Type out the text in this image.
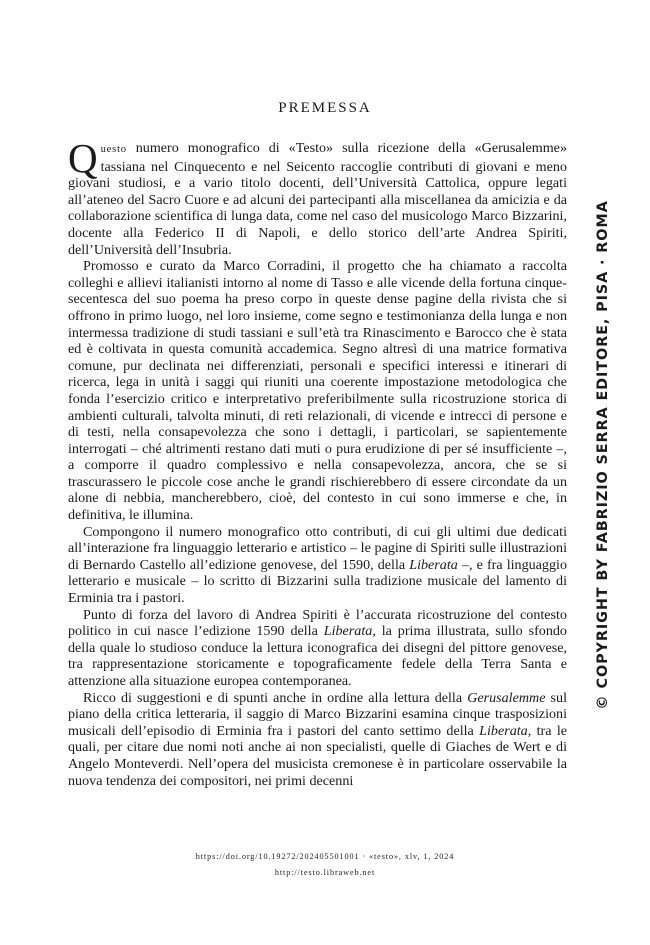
PREMESSA

Questo numero monografico di «Testo» sulla ricezione della «Gerusalemme» tassiana nel Cinquecento e nel Seicento raccoglie contributi di giovani e meno giovani studiosi, e a vario titolo docenti, dell’Università Cattolica, oppure legati all’ateneo del Sacro Cuore e ad alcuni dei partecipanti alla miscellanea da amicizia e da collaborazione scientifica di lunga data, come nel caso del musicologo Marco Bizzarini, docente alla Federico II di Napoli, e dello storico dell’arte Andrea Spiriti, dell’Università dell’Insubria.

Promosso e curato da Marco Corradini, il progetto che ha chiamato a raccolta colleghi e allievi italianisti intorno al nome di Tasso e alle vicende della fortuna cinque-secentesca del suo poema ha preso corpo in queste dense pagine della rivista che si offrono in primo luogo, nel loro insieme, come segno e testimonianza della lunga e non intermessa tradizione di studi tassiani e sull’età tra Rinascimento e Barocco che è stata ed è coltivata in questa comunità accademica. Segno altresì di una matrice formativa comune, pur declinata nei differenziati, personali e specifici interessi e itinerari di ricerca, lega in unità i saggi qui riuniti una coerente impostazione metodologica che fonda l’esercizio critico e interpretativo preferibilmente sulla ricostruzione storica di ambienti culturali, talvolta minuti, di reti relazionali, di vicende e intrecci di persone e di testi, nella consapevolezza che sono i dettagli, i particolari, se sapientemente interrogati – ché altrimenti restano dati muti o pura erudizione di per sé insufficiente –, a comporre il quadro complessivo e nella consapevolezza, ancora, che se si trascurassero le piccole cose anche le grandi rischierebbero di essere circondate da un alone di nebbia, mancherebbero, cioè, del contesto in cui sono immerse e che, in definitiva, le illumina.

Compongono il numero monografico otto contributi, di cui gli ultimi due dedicati all’interazione fra linguaggio letterario e artistico – le pagine di Spiriti sulle illustrazioni di Bernardo Castello all’edizione genovese, del 1590, della Liberata –, e fra linguaggio letterario e musicale – lo scritto di Bizzarini sulla tradizione musicale del lamento di Erminia tra i pastori.

Punto di forza del lavoro di Andrea Spiriti è l’accurata ricostruzione del contesto politico in cui nasce l’edizione 1590 della Liberata, la prima illustrata, sullo sfondo della quale lo studioso conduce la lettura iconografica dei disegni del pittore genovese, tra rappresentazione storicamente e topograficamente fedele della Terra Santa e attenzione alla situazione europea contemporanea.

Ricco di suggestioni e di spunti anche in ordine alla lettura della Gerusalemme sul piano della critica letteraria, il saggio di Marco Bizzarini esamina cinque trasposizioni musicali dell’episodio di Erminia fra i pastori del canto settimo della Liberata, tra le quali, per citare due nomi noti anche ai non specialisti, quelle di Giaches de Wert e di Angelo Monteverdi. Nell’opera del musicista cremonese è in particolare osservabile la nuova tendenza dei compositori, nei primi decenni

© COPYRIGHT BY FABRIZIO SERRA EDITORE, PISA · ROMA
https://doi.org/10.19272/202405501001 · «testo», xlv, 1, 2024
http://testo.libraweb.net
